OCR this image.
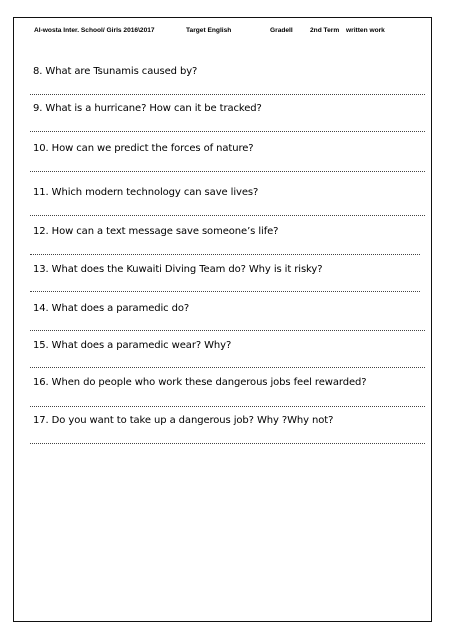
Al-wosta Inter. School/ Girls 2016\2017	Target English	GradeII	2nd Term written work
8. What are Tsunamis caused by?
9. What is a hurricane? How can it be tracked?
10. How can we predict the forces of nature?
11. Which modern technology can save lives?
12. How can a text message save someone’s life?
13. What does the Kuwaiti Diving Team do? Why is it risky?
14. What does a paramedic do?
15. What does a paramedic wear? Why?
16. When do people who work these dangerous jobs feel rewarded?
17. Do you want to take up a dangerous job? Why ?Why not?
